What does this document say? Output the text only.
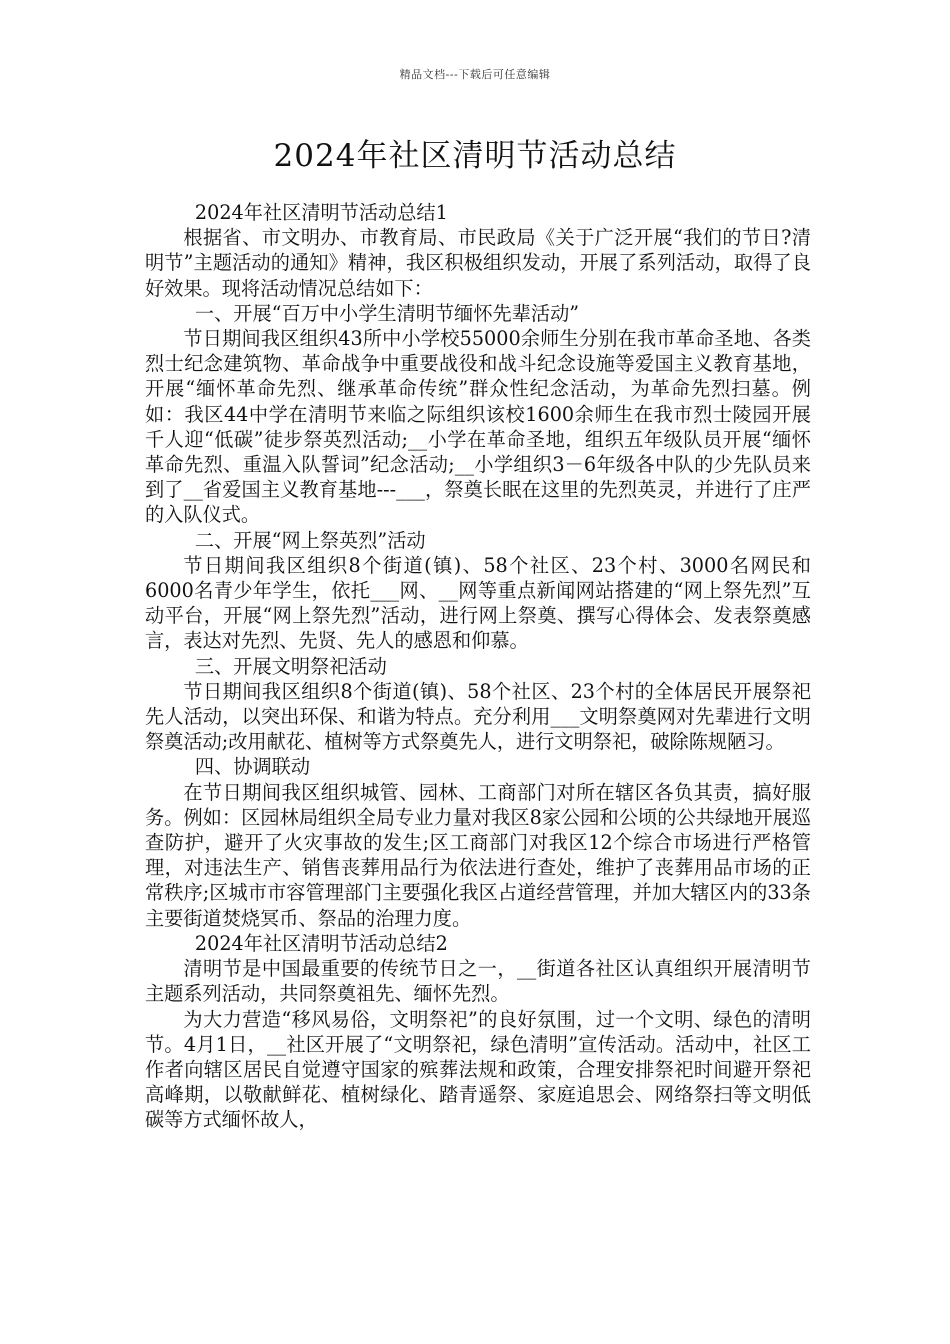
精品文档---下载后可任意编辑
2024年社区清明节活动总结

2024年社区清明节活动总结1

根据省、市文明办、市教育局、市民政局《关于广泛开展“我们的节日?清明节”主题活动的通知》精神，我区积极组织发动，开展了系列活动，取得了良好效果。现将活动情况总结如下：

一、开展“百万中小学生清明节缅怀先辈活动”

节日期间我区组织43所中小学校55000余师生分别在我市革命圣地、各类烈士纪念建筑物、革命战争中重要战役和战斗纪念设施等爱国主义教育基地，开展“缅怀革命先烈、继承革命传统”群众性纪念活动，为革命先烈扫墓。例如：我区44中学在清明节来临之际组织该校1600余师生在我市烈士陵园开展千人迎“低碳”徒步祭英烈活动;__小学在革命圣地，组织五年级队员开展“缅怀革命先烈、重温入队誓词”纪念活动;__小学组织3－6年级各中队的少先队员来到了__省爱国主义教育基地---___，祭奠长眠在这里的先烈英灵，并进行了庄严的入队仪式。

二、开展“网上祭英烈”活动

节日期间我区组织8个街道(镇)、58个社区、23个村、3000名网民和6000名青少年学生，依托___网、__网等重点新闻网站搭建的“网上祭先烈”互动平台，开展“网上祭先烈”活动，进行网上祭奠、撰写心得体会、发表祭奠感言，表达对先烈、先贤、先人的感恩和仰慕。

三、开展文明祭祀活动

节日期间我区组织8个街道(镇)、58个社区、23个村的全体居民开展祭祀先人活动，以突出环保、和谐为特点。充分利用___文明祭奠网对先辈进行文明祭奠活动;改用献花、植树等方式祭奠先人，进行文明祭祀，破除陈规陋习。

四、协调联动

在节日期间我区组织城管、园林、工商部门对所在辖区各负其责，搞好服务。例如：区园林局组织全局专业力量对我区8家公园和公顷的公共绿地开展巡查防护，避开了火灾事故的发生;区工商部门对我区12个综合市场进行严格管理，对违法生产、销售丧葬用品行为依法进行查处，维护了丧葬用品市场的正常秩序;区城市市容管理部门主要强化我区占道经营管理，并加大辖区内的33条主要街道焚烧冥币、祭品的治理力度。

2024年社区清明节活动总结2

清明节是中国最重要的传统节日之一，__街道各社区认真组织开展清明节主题系列活动，共同祭奠祖先、缅怀先烈。

为大力营造“移风易俗，文明祭祀”的良好氛围，过一个文明、绿色的清明节。4月1日，__社区开展了“文明祭祀，绿色清明”宣传活动。活动中，社区工作者向辖区居民自觉遵守国家的殡葬法规和政策，合理安排祭祀时间避开祭祀高峰期，以敬献鲜花、植树绿化、踏青遥祭、家庭追思会、网络祭扫等文明低碳等方式缅怀故人，
